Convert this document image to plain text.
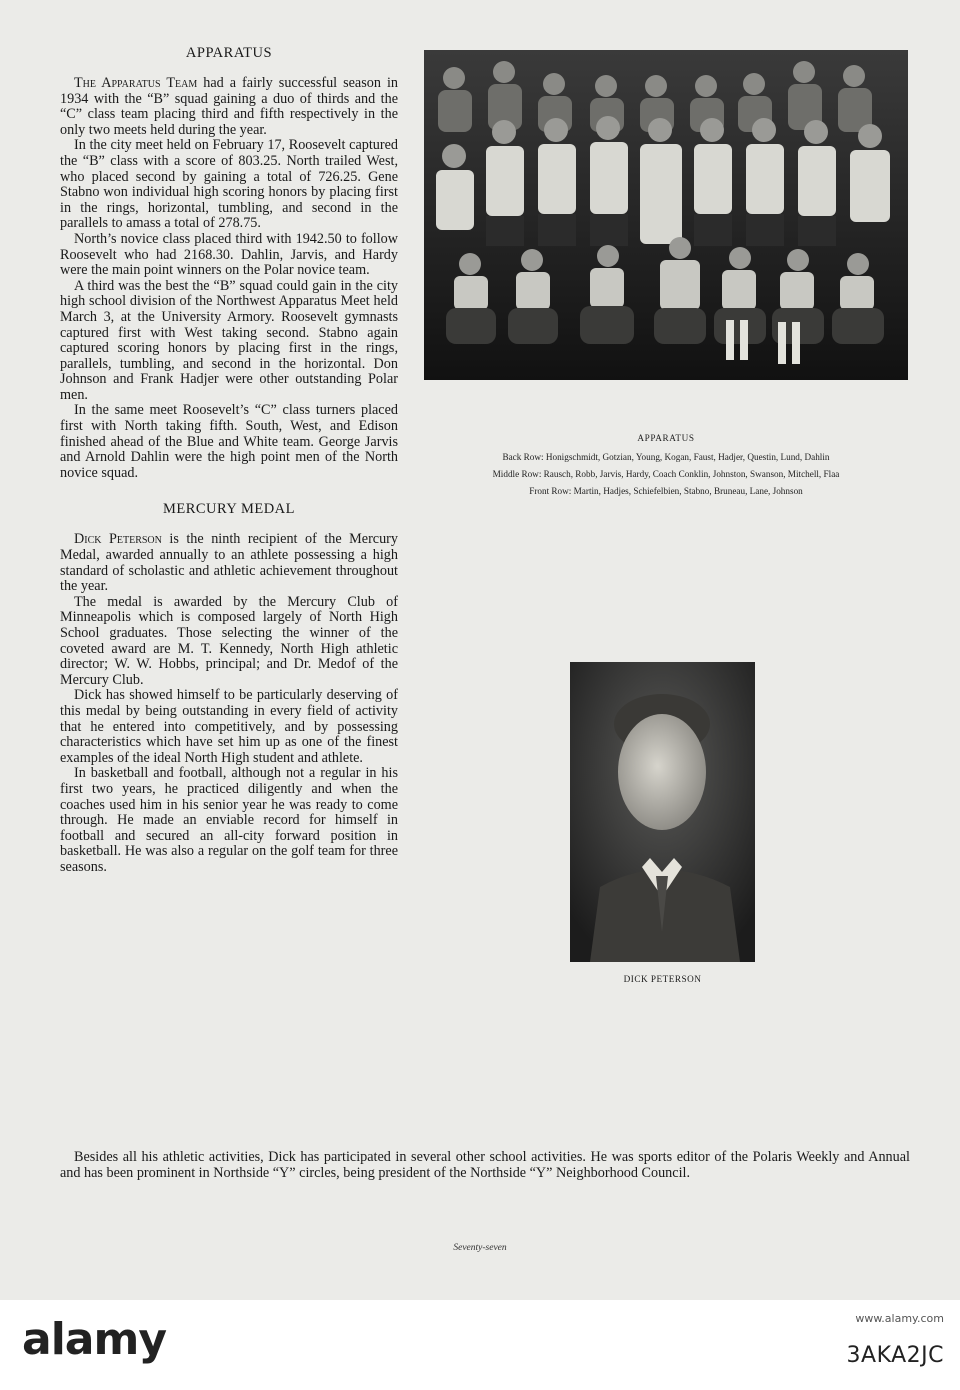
APPARATUS

The Apparatus Team had a fairly successful season in 1934 with the “B” squad gaining a duo of thirds and the “C” class team placing third and fifth respectively in the only two meets held during the year.

In the city meet held on February 17, Roosevelt captured the “B” class with a score of 803.25. North trailed West, who placed second by gaining a total of 726.25. Gene Stabno won individual high scoring honors by placing first in the rings, horizontal, tumbling, and second in the parallels to amass a total of 278.75.

North’s novice class placed third with 1942.50 to follow Roosevelt who had 2168.30. Dahlin, Jarvis, and Hardy were the main point winners on the Polar novice team.

A third was the best the “B” squad could gain in the city high school division of the Northwest Apparatus Meet held March 3, at the University Armory. Roosevelt gymnasts captured first with West taking second. Stabno again captured scoring honors by placing first in the rings, parallels, tumbling, and second in the horizontal. Don Johnson and Frank Hadjer were other outstanding Polar men.

In the same meet Roosevelt’s “C” class turners placed first with North taking fifth. South, West, and Edison finished ahead of the Blue and White team. George Jarvis and Arnold Dahlin were the high point men of the North novice squad.

MERCURY MEDAL

Dick Peterson is the ninth recipient of the Mercury Medal, awarded annually to an athlete possessing a high standard of scholastic and athletic achievement throughout the year.

The medal is awarded by the Mercury Club of Minneapolis which is composed largely of North High School graduates. Those selecting the winner of the coveted award are M. T. Kennedy, North High athletic director; W. W. Hobbs, principal; and Dr. Medof of the Mercury Club.

Dick has showed himself to be particularly deserving of this medal by being outstanding in every field of activity that he entered into competitively, and by possessing characteristics which have set him up as one of the finest examples of the ideal North High student and athlete.

In basketball and football, although not a regular in his first two years, he practiced diligently and when the coaches used him in his senior year he was ready to come through. He made an enviable record for himself in football and secured an all-city forward position in basketball. He was also a regular on the golf team for three seasons.

Besides all his athletic activities, Dick has participated in several other school activities. He was sports editor of the Polaris Weekly and Annual and has been prominent in Northside “Y” circles, being president of the Northside “Y” Neighborhood Council.
APPARATUS
Back Row: Honigschmidt, Gotzian, Young, Kogan, Faust, Hadjer, Questin, Lund, Dahlin
Middle Row: Rausch, Robb, Jarvis, Hardy, Coach Conklin, Johnston, Swanson, Mitchell, Flaa
Front Row: Martin, Hadjes, Schiefelbien, Stabno, Bruneau, Lane, Johnson
DICK PETERSON
Seventy-seven
alamy	www.alamy.com
3AKA2JC
